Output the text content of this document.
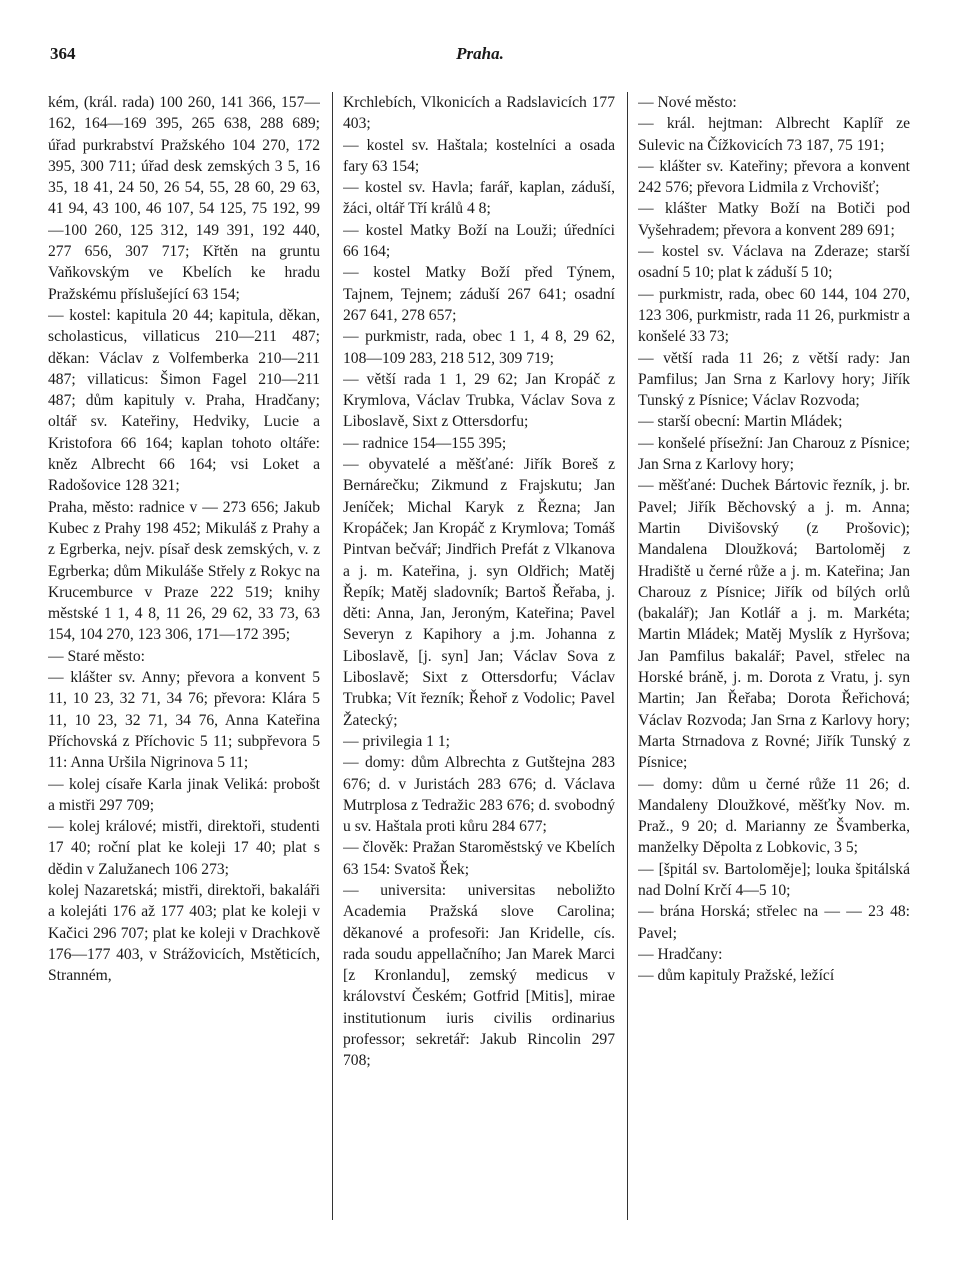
364	Praha.

kém, (král. rada) 100 260, 141 366, 157—162, 164—169 395, 265 638, 288 689; úřad purkrabství Pražského 104 270, 172 395, 300 711; úřad desk zemských 3 5, 16 35, 18 41, 24 50, 26 54, 55, 28 60, 29 63, 41 94, 43 100, 46 107, 54 125, 75 192, 99—100 260, 125 312, 149 391, 192 440, 277 656, 307 717; Křtěn na gruntu Vaňkovským ve Kbelích ke hradu Pražskému příslušející 63 154;

— kostel: kapitula 20 44; kapitula, děkan, scholasticus, villaticus 210—211 487; děkan: Václav z Volfemberka 210—211 487; villaticus: Šimon Fagel 210—211 487; dům kapituly v. Praha, Hradčany; oltář sv. Kateřiny, Hedviky, Lucie a Kristofora 66 164; kaplan tohoto oltáře: kněz Albrecht 66 164; vsi Loket a Radošovice 128 321;

Praha, město: radnice v — 273 656; Jakub Kubec z Prahy 198 452; Mikuláš z Prahy a z Egrberka, nejv. písař desk zemských, v. z Egrberka; dům Mikuláše Střely z Rokyc na Krucemburce v Praze 222 519; knihy městské 1 1, 4 8, 11 26, 29 62, 33 73, 63 154, 104 270, 123 306, 171—172 395;

— Staré město:

— klášter sv. Anny; převora a konvent 5 11, 10 23, 32 71, 34 76; převora: Klára 5 11, 10 23, 32 71, 34 76, Anna Kateřina Příchovská z Příchovic 5 11; subpřevora 5 11: Anna Uršila Nigrinova 5 11;

— kolej císaře Karla jinak Veliká: probošt a mistři 297 709;

— kolej králové; mistři, direktoři, studenti 17 40; roční plat ke koleji 17 40; plat s dědin v Zalužanech 106 273;

kolej Nazaretská; mistři, direktoři, bakaláři a kolejáti 176 až 177 403; plat ke koleji v Kačici 296 707; plat ke koleji v Drachkově 176—177 403, v Strážovicích, Mstěticích, Stranném,

Krchlebích, Vlkonicích a Radslavicích 177 403;

— kostel sv. Haštala; kostelníci a osada fary 63 154;

— kostel sv. Havla; farář, kaplan, záduší, žáci, oltář Tří králů 4 8;

— kostel Matky Boží na Louži; úředníci 66 164;

— kostel Matky Boží před Týnem, Tajnem, Tejnem; záduší 267 641; osadní 267 641, 278 657;

— purkmistr, rada, obec 1 1, 4 8, 29 62, 108—109 283, 218 512, 309 719;

— větší rada 1 1, 29 62; Jan Kropáč z Krymlova, Václav Trubka, Václav Sova z Liboslavě, Sixt z Ottersdorfu;

— radnice 154—155 395;

— obyvatelé a měšťané: Jiřík Boreš z Bernárečku; Zikmund z Frajskutu; Jan Jeníček; Michal Karyk z Řezna; Jan Kropáček; Jan Kropáč z Krymlova; Tomáš Pintvan bečvář; Jindřich Prefát z Vlkanova a j. m. Kateřina, j. syn Oldřich; Matěj Řepík; Matěj sladovník; Bartoš Řeřaba, j. děti: Anna, Jan, Jeroným, Kateřina; Pavel Severyn z Kapihory a j.m. Johanna z Liboslavě, [j. syn] Jan; Václav Sova z Liboslavě; Sixt z Ottersdorfu; Václav Trubka; Vít řezník; Řehoř z Vodolic; Pavel Žatecký;

— privilegia 1 1;

— domy: dům Albrechta z Gutštejna 283 676; d. v Juristách 283 676; d. Václava Mutrplosa z Tedražic 283 676; d. svobodný u sv. Haštala proti kůru 284 677;

— člověk: Pražan Staroměstský ve Kbelích 63 154: Svatoš Řek;

— universita: universitas neboližto Academia Pražská slove Carolina; děkanové a profesoři: Jan Kridelle, cís. rada soudu appellačního; Jan Marek Marci [z Kronlandu], zemský medicus v království Českém; Gotfrid [Mitis], mirae institutionum iuris civilis ordinarius professor; sekretář: Jakub Rincolin 297 708;

— Nové město:

— král. hejtman: Albrecht Kaplíř ze Sulevic na Čížkovicích 73 187, 75 191;

— klášter sv. Kateřiny; převora a konvent 242 576; převora Lidmila z Vrchovišť;

— klášter Matky Boží na Botiči pod Vyšehradem; převora a konvent 289 691;

— kostel sv. Václava na Zderaze; starší osadní 5 10; plat k záduší 5 10;

— purkmistr, rada, obec 60 144, 104 270, 123 306, purkmistr, rada 11 26, purkmistr a konšelé 33 73;

— větší rada 11 26; z větší rady: Jan Pamfilus; Jan Srna z Karlovy hory; Jiřík Tunský z Písnice; Václav Rozvoda;

— starší obecní: Martin Mládek;

— konšelé přísežní: Jan Charouz z Písnice; Jan Srna z Karlovy hory;

— měšťané: Duchek Bártovic řezník, j. br. Pavel; Jiřík Běchovský a j. m. Anna; Martin Divišovský (z Prošovic); Mandalena Dloužková; Bartoloměj z Hradiště u černé růže a j. m. Kateřina; Jan Charouz z Písnice; Jiřík od bílých orlů (bakalář); Jan Kotlář a j. m. Markéta; Martin Mládek; Matěj Myslík z Hyršova; Jan Pamfilus bakalář; Pavel, střelec na Horské bráně, j. m. Dorota z Vratu, j. syn Martin; Jan Řeřaba; Dorota Řeřichová; Václav Rozvoda; Jan Srna z Karlovy hory; Marta Strnadova z Rovné; Jiřík Tunský z Písnice;

— domy: dům u černé růže 11 26; d. Mandaleny Dloužkové, měšťky Nov. m. Praž., 9 20; d. Marianny ze Švamberka, manželky Děpolta z Lobkovic, 3 5;

— [špitál sv. Bartoloměje]; louka špitálská nad Dolní Krčí 4—5 10;

— brána Horská; střelec na — — 23 48: Pavel;

— Hradčany:

— dům kapituly Pražské, ležící
